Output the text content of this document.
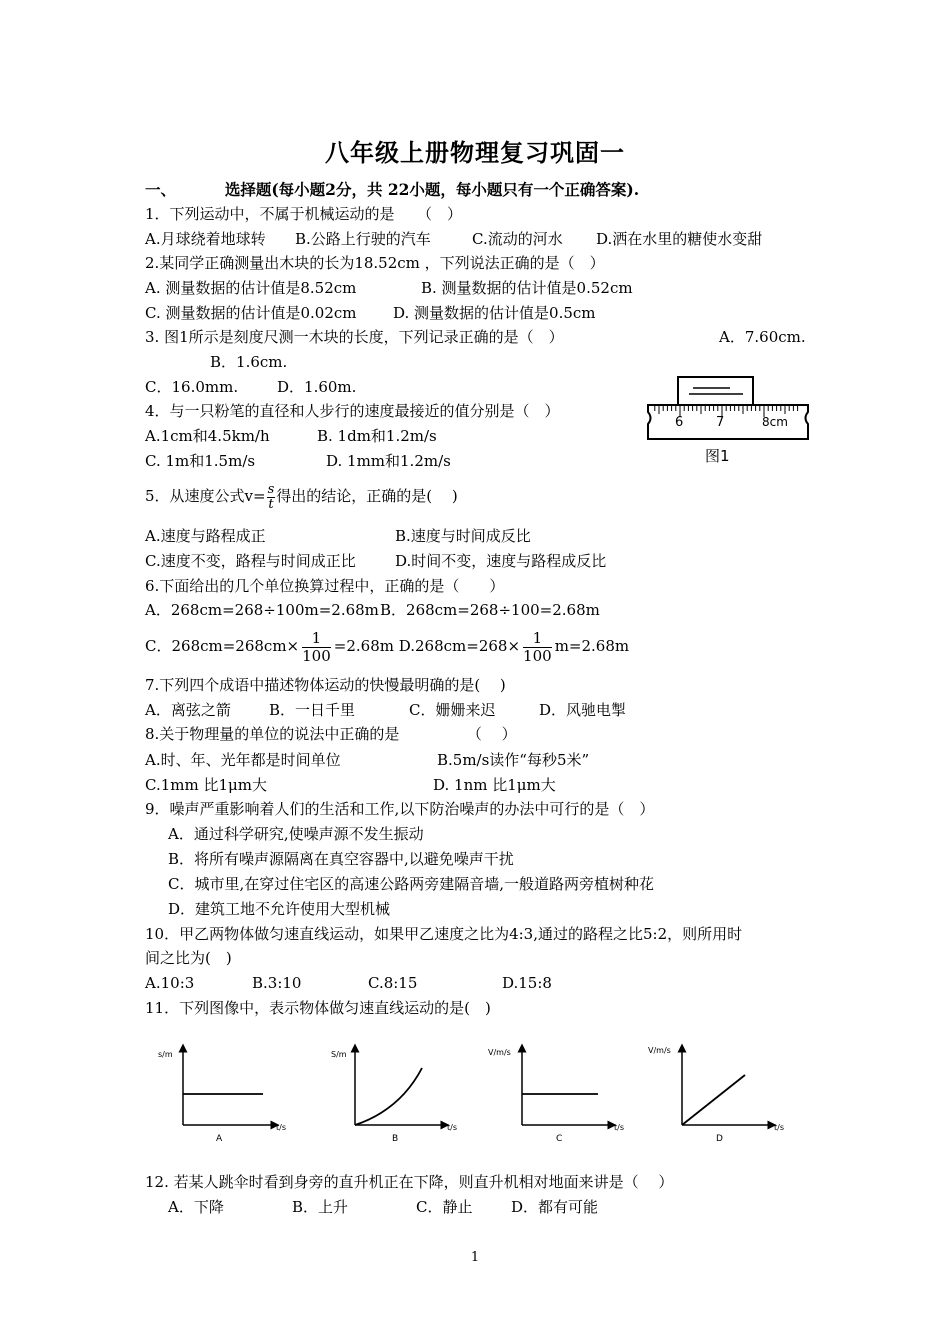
八年级上册物理复习巩固一
一、	选择题(每小题2分，共 22小题，每小题只有一个正确答案).
1．下列运动中，不属于机械运动的是　　（　）
A.月球绕着地球转 B.公路上行驶的汽车	C.流动的河水 D.洒在水里的糖使水变甜
2.某同学正确测量出木块的长为18.52cm ，下列说法正确的是（　）
A. 测量数据的估计值是8.52cm	B. 测量数据的估计值是0.52cm
C. 测量数据的估计值是0.02cm D. 测量数据的估计值是0.5cm
3. 图1所示是刻度尺测一木块的长度，下列记录正确的是（　）	A．7.60cm.
B．1.6cm.
C．16.0mm.	D．1.60m.
6	7	8cm
图1
4．与一只粉笔的直径和人步行的速度最接近的值分别是（　）
A.1cm和4.5km/h	B. 1dm和1.2m/s
C. 1m和1.5m/s	D. 1mm和1.2m/s
5．从速度公式$v= \frac{s}{t}$ 得出的结论，正确的是(　 )
A.速度与路程成正	B.速度与时间成反比
C.速度不变，路程与时间成正比	D.时间不变，速度与路程成反比
6.下面给出的几个单位换算过程中，正确的是（　　）
A．268cm=268÷100m=2.68mB．268cm=268÷100=2.68m
C．$268cm=268cm\times \frac{1}{100} =2.68m$ $D.268cm=268\times \frac{1}{100} m=2.68m$
7.下列四个成语中描述物体运动的快慢最明确的是(　 )
A．离弦之箭	B．一日千里	C．姗姗来迟	D．风驰电掣
8.关于物理量的单位的说法中正确的是　　　　　（　 ）
A.时、年、光年都是时间单位	B.5m/s读作“每秒5米”
C.1mm 比1μm大	D. 1nm 比1μm大
9．噪声严重影响着人们的生活和工作,以下防治噪声的办法中可行的是（　）
A．通过科学研究,使噪声源不发生振动
B．将所有噪声源隔离在真空容器中,以避免噪声干扰
C．城市里,在穿过住宅区的高速公路两旁建隔音墙,一般道路两旁植树种花
D．建筑工地不允许使用大型机械
10．甲乙两物体做匀速直线运动，如果甲乙速度之比为4:3,通过的路程之比5:2，则所用时
间之比为(　)
A.10:3	B.3:10	C.8:15	D.15:8
11．下列图像中，表示物体做匀速直线运动的是(　)
s/m
t/s
A
S/m
t/s
B
V/m/s
t/s
C
V/m/s
t/s
D
12. 若某人跳伞时看到身旁的直升机正在下降，则直升机相对地面来讲是（　 ）
A．下降	B．上升	C．静止	D．都有可能
1
